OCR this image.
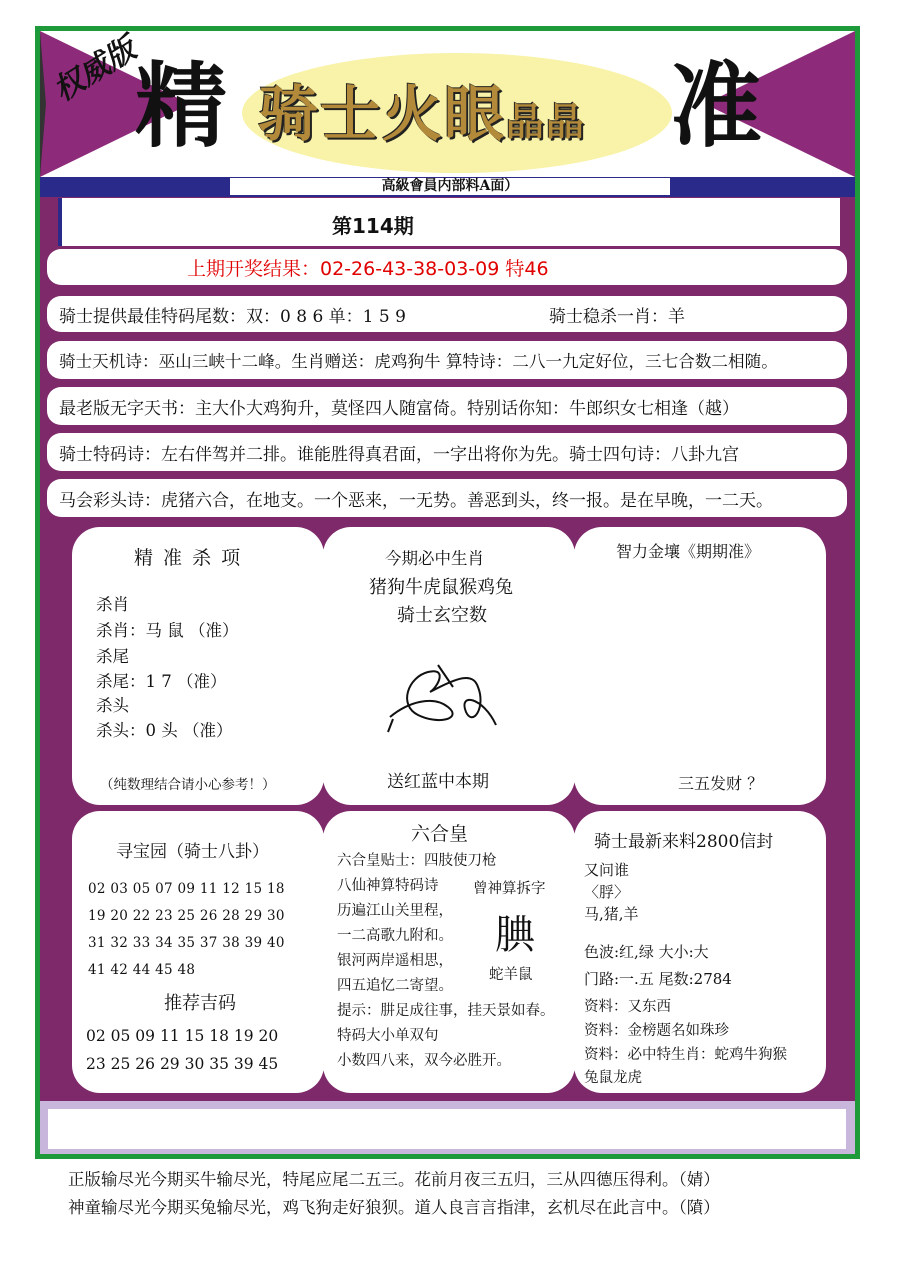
权威版
精 骑士火眼晶晶 准
高級會員内部料A面）
第114期
上期开奖结果：02-26-43-38-03-09 特46
骑士提供最佳特码尾数：双：0 8 6 单：1 5 9	骑士稳杀一肖：羊
骑士天机诗：巫山三峡十二峰。生肖赠送：虎鸡狗牛 算特诗：二八一九定好位，三七合数二相随。
最老版无字天书：主大仆大鸡狗升，莫怪四人随富倚。特别话你知：牛郎织女七相逢（越）
骑士特码诗：左右伴驾并二排。谁能胜得真君面，一字出将你为先。骑士四句诗：八卦九宫
马会彩头诗：虎猪六合，在地支。一个恶来，一无势。善恶到头，终一报。是在早晚，一二天。
精 准 杀 项
杀肖
杀肖：马 鼠 （准）
杀尾
杀尾：1 7 （准）
杀头
杀头：0 头 （准）
（纯数理结合请小心参考！）
今期必中生肖
猪狗牛虎鼠猴鸡兔
骑士玄空数
送红蓝中本期
智力金壤《期期准》
三五发财 ？
寻宝园（骑士八卦）
02 03 05 07 09 11 12 15 18
19 20 22 23 25 26 28 29 30
31 32 33 34 35 37 38 39 40
41 42 44 45 48
推荐吉码
02 05 09 11 15 18 19 20
23 25 26 29 30 35 39 45
六合皇
六合皇贴士：四肢使刀枪
八仙神算特码诗
历遍江山关里程，
一二高歌九附和。
银河两岸遥相思，
四五追忆二寄望。
提示：肼足成往事，挂天景如春。
特码大小单双句
小数四八来，双今必胜开。
曾神算拆字
腆
蛇羊鼠
骑士最新来料2800信封
又问谁
〈脬〉
马,猪,羊
色波:红,绿 大小:大
门路:一.五 尾数:2784
资料：又东西
资料：金榜题名如珠珍
资料：必中特生肖：蛇鸡牛狗猴
兔鼠龙虎
正版输尽光今期买牛输尽光，特尾应尾二五三。花前月夜三五归，三从四德压得利。（婧）
神童输尽光今期买兔输尽光，鸡飞狗走好狼狈。道人良言言指津，玄机尽在此言中。（隫）
